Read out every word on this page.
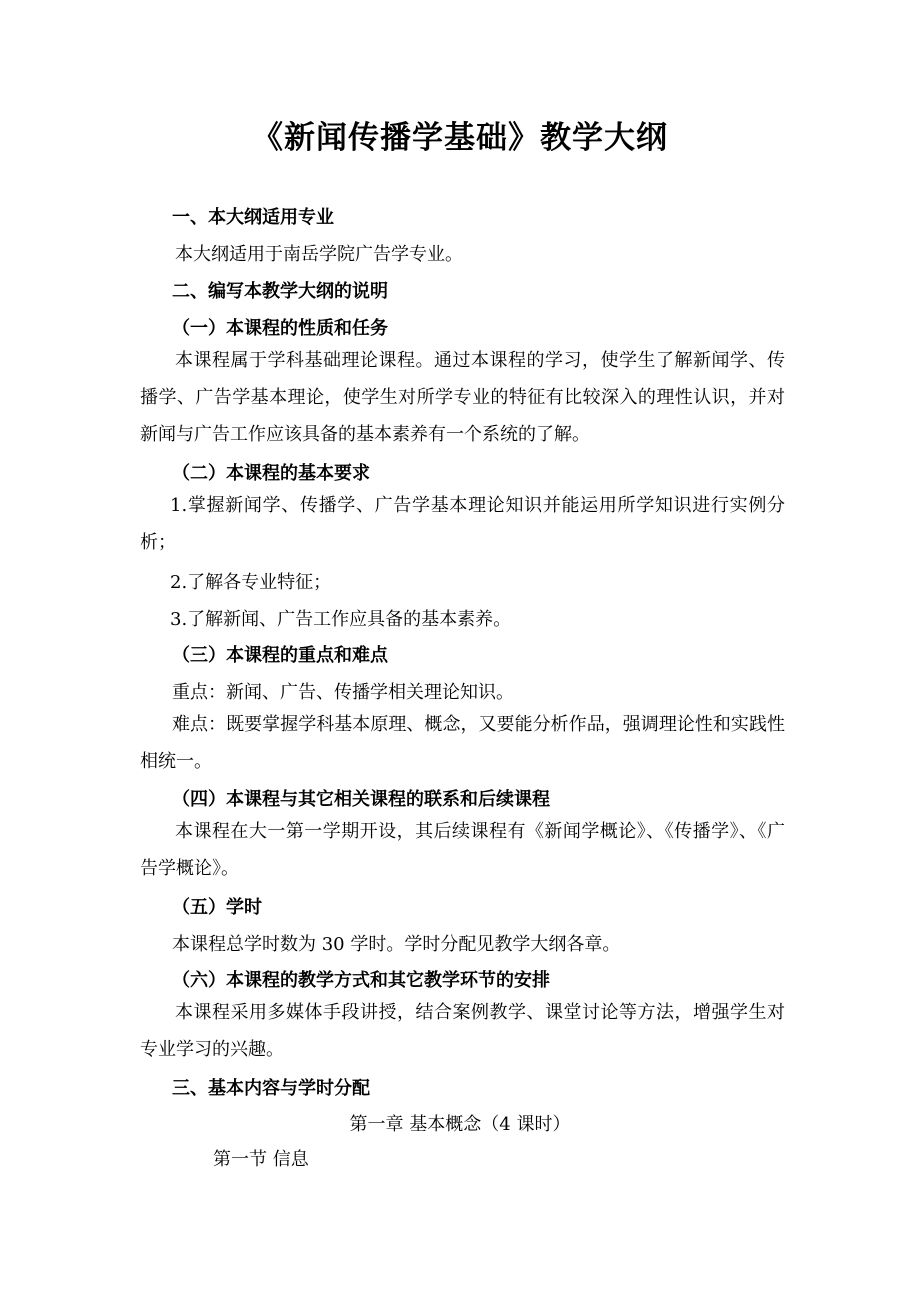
《新闻传播学基础》教学大纲
一、本大纲适用专业
本大纲适用于南岳学院广告学专业。
二、编写本教学大纲的说明
（一）本课程的性质和任务
本课程属于学科基础理论课程。通过本课程的学习，使学生了解新闻学、传播学、广告学基本理论，使学生对所学专业的特征有比较深入的理性认识，并对新闻与广告工作应该具备的基本素养有一个系统的了解。
（二）本课程的基本要求
1.掌握新闻学、传播学、广告学基本理论知识并能运用所学知识进行实例分析；
2.了解各专业特征；
3.了解新闻、广告工作应具备的基本素养。
（三）本课程的重点和难点
重点：新闻、广告、传播学相关理论知识。
难点：既要掌握学科基本原理、概念，又要能分析作品，强调理论性和实践性相统一。
（四）本课程与其它相关课程的联系和后续课程
本课程在大一第一学期开设，其后续课程有《新闻学概论》、《传播学》、《广告学概论》。
（五）学时
本课程总学时数为 30 学时。学时分配见教学大纲各章。
（六）本课程的教学方式和其它教学环节的安排
本课程采用多媒体手段讲授，结合案例教学、课堂讨论等方法，增强学生对专业学习的兴趣。
三、基本内容与学时分配
第一章 基本概念（4 课时）
第一节 信息
